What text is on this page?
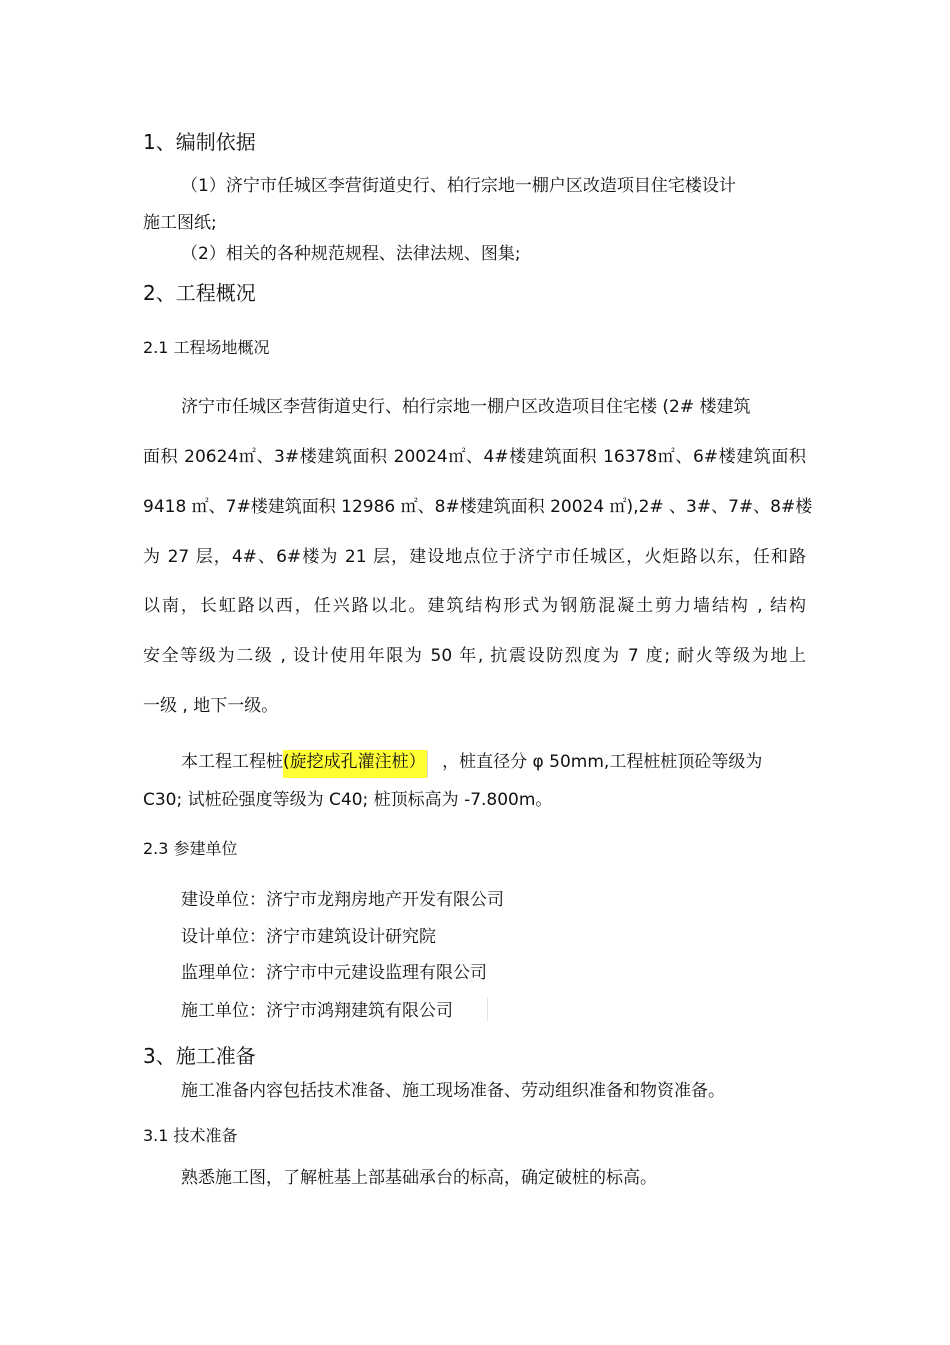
1、编制依据
（1）济宁市任城区李营街道史行、柏行宗地一棚户区改造项目住宅楼设计
施工图纸;
（2）相关的各种规范规程、法律法规、图集;
2、工程概况
2.1 工程场地概况
济宁市任城区李营街道史行、柏行宗地一棚户区改造项目住宅楼 (2# 楼建筑
面积 20624㎡、3#楼建筑面积 20024㎡、4#楼建筑面积 16378㎡、6#楼建筑面积
9418 ㎡、7#楼建筑面积 12986 ㎡、8#楼建筑面积 20024 ㎡),2# 、3#、7#、8#楼
为 27 层，4#、6#楼为 21 层，建设地点位于济宁市任城区，火炬路以东，任和路
以南，长虹路以西，任兴路以北。建筑结构形式为钢筋混凝土剪力墙结构 , 结构
安全等级为二级 , 设计使用年限为 50 年, 抗震设防烈度为 7 度; 耐火等级为地上
一级 , 地下一级。
本工程工程桩(旋挖成孔灌注桩） ，桩直径分 φ 50mm,工程桩桩顶砼等级为
C30; 试桩砼强度等级为 C40; 桩顶标高为 -7.800m。
2.3 参建单位
建设单位：济宁市龙翔房地产开发有限公司
设计单位：济宁市建筑设计研究院
监理单位：济宁市中元建设监理有限公司
施工单位：济宁市鸿翔建筑有限公司
3、施工准备
施工准备内容包括技术准备、施工现场准备、劳动组织准备和物资准备。
3.1 技术准备
熟悉施工图，了解桩基上部基础承台的标高，确定破桩的标高。
